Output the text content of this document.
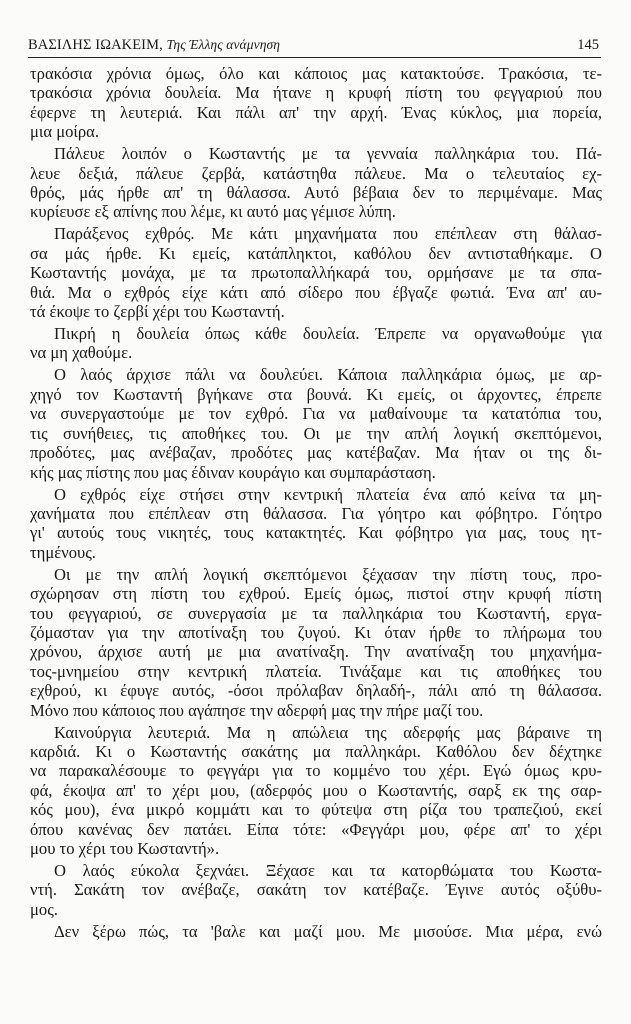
ΒΑΣΙΛΗΣ ΙΩΑΚΕΙΜ, Της Έλλης ανάμνηση	145
τρακόσια χρόνια όμως, όλο και κάποιος μας κατακτούσε. Τρακόσια, τε-
τρακόσια χρόνια δουλεία. Μα ήτανε η κρυφή πίστη του φεγγαριού που
έφερνε τη λευτεριά. Και πάλι απ' την αρχή. Ένας κύκλος, μια πορεία,
μια μοίρα.
Πάλευε λοιπόν ο Κωσταντής με τα γενναία παλληκάρια του. Πά-
λευε δεξιά, πάλευε ζερβά, κατάστηθα πάλευε. Μα ο τελευταίος εχ-
θρός, μάς ήρθε απ' τη θάλασσα. Αυτό βέβαια δεν το περιμέναμε. Μας
κυρίευσε εξ απίνης που λέμε, κι αυτό μας γέμισε λύπη.
Παράξενος εχθρός. Με κάτι μηχανήματα που επέπλεαν στη θάλασ-
σα μάς ήρθε. Κι εμείς, κατάπληκτοι, καθόλου δεν αντισταθήκαμε. Ο
Κωσταντής μονάχα, με τα πρωτοπαλλήκαρά του, ορμήσανε με τα σπα-
θιά. Μα ο εχθρός είχε κάτι από σίδερο που έβγαζε φωτιά. Ένα απ' αυ-
τά έκοψε το ζερβί χέρι του Κωσταντή.
Πικρή η δουλεία όπως κάθε δουλεία. Έπρεπε να οργανωθούμε για
να μη χαθούμε.
Ο λαός άρχισε πάλι να δουλεύει. Κάποια παλληκάρια όμως, με αρ-
χηγό τον Κωσταντή βγήκανε στα βουνά. Κι εμείς, οι άρχοντες, έπρεπε
να συνεργαστούμε με τον εχθρό. Για να μαθαίνουμε τα κατατόπια του,
τις συνήθειες, τις αποθήκες του. Οι με την απλή λογική σκεπτόμενοι,
προδότες, μας ανέβαζαν, προδότες μας κατέβαζαν. Μα ήταν οι της δι-
κής μας πίστης που μας έδιναν κουράγιο και συμπαράσταση.
Ο εχθρός είχε στήσει στην κεντρική πλατεία ένα από κείνα τα μη-
χανήματα που επέπλεαν στη θάλασσα. Για γόητρο και φόβητρο. Γόητρο
γι' αυτούς τους νικητές, τους κατακτητές. Και φόβητρο για μας, τους ητ-
τημένους.
Οι με την απλή λογική σκεπτόμενοι ξέχασαν την πίστη τους, προ-
σχώρησαν στη πίστη του εχθρού. Εμείς όμως, πιστοί στην κρυφή πίστη
του φεγγαριού, σε συνεργασία με τα παλληκάρια του Κωσταντή, εργα-
ζόμασταν για την αποτίναξη του ζυγού. Κι όταν ήρθε το πλήρωμα του
χρόνου, άρχισε αυτή με μια ανατίναξη. Την ανατίναξη του μηχανήμα-
τος-μνημείου στην κεντρική πλατεία. Τινάξαμε και τις αποθήκες του
εχθρού, κι έφυγε αυτός, -όσοι πρόλαβαν δηλαδή-, πάλι από τη θάλασσα.
Μόνο που κάποιος που αγάπησε την αδερφή μας την πήρε μαζί του.
Καινούργια λευτεριά. Μα η απώλεια της αδερφής μας βάραινε τη
καρδιά. Κι ο Κωσταντής σακάτης μα παλληκάρι. Καθόλου δεν δέχτηκε
να παρακαλέσουμε το φεγγάρι για το κομμένο του χέρι. Εγώ όμως κρυ-
φά, έκοψα απ' το χέρι μου, (αδερφός μου ο Κωσταντής, σαρξ εκ της σαρ-
κός μου), ένα μικρό κομμάτι και το φύτεψα στη ρίζα του τραπεζιού, εκεί
όπου κανένας δεν πατάει. Είπα τότε: «Φεγγάρι μου, φέρε απ' το χέρι
μου το χέρι του Κωσταντή».
Ο λαός εύκολα ξεχνάει. Ξέχασε και τα κατορθώματα του Κωστα-
ντή. Σακάτη τον ανέβαζε, σακάτη τον κατέβαζε. Έγινε αυτός οξύθυ-
μος.
Δεν ξέρω πώς, τα 'βαλε και μαζί μου. Με μισούσε. Μια μέρα, ενώ
